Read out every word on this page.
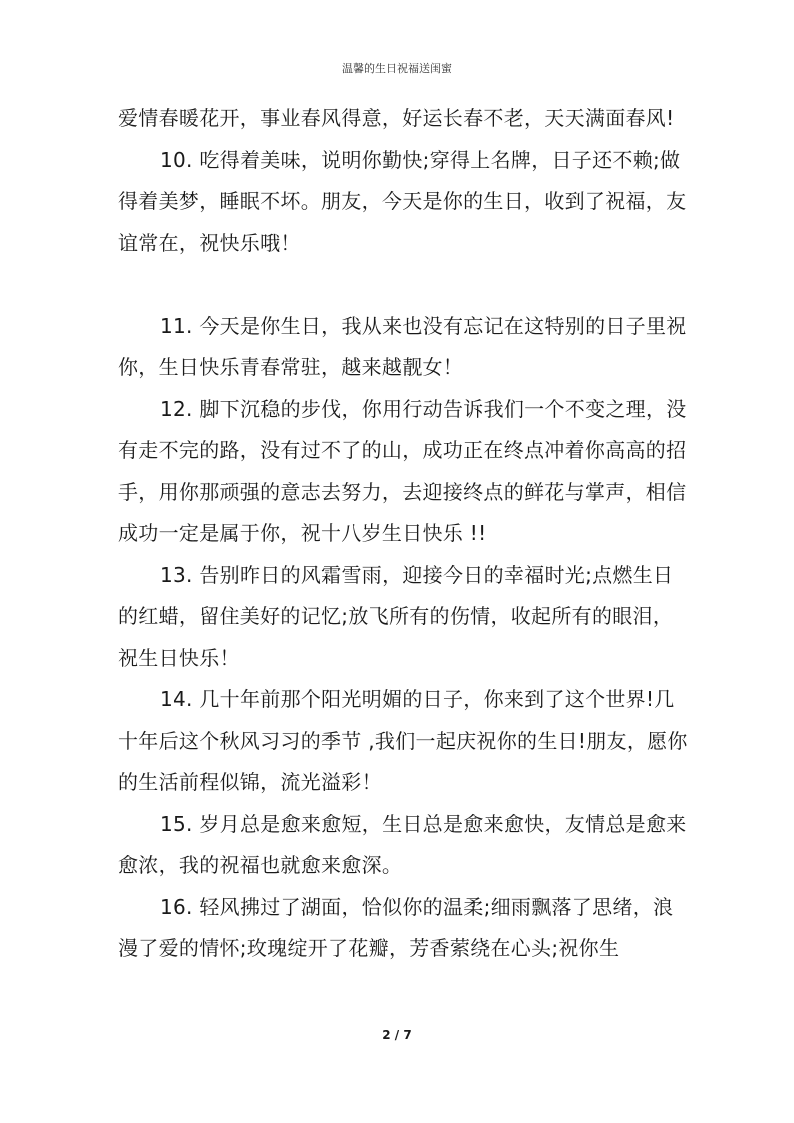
温馨的生日祝福送闺蜜

爱情春暖花开，事业春风得意，好运长春不老，天天满面春风!

10. 吃得着美味，说明你勤快;穿得上名牌，日子还不赖;做得着美梦，睡眠不坏。朋友，今天是你的生日，收到了祝福，友谊常在，祝快乐哦！

11. 今天是你生日，我从来也没有忘记在这特别的日子里祝你，生日快乐青春常驻，越来越靓女！

12. 脚下沉稳的步伐，你用行动告诉我们一个不变之理，没有走不完的路，没有过不了的山，成功正在终点冲着你高高的招手，用你那顽强的意志去努力，去迎接终点的鲜花与掌声，相信成功一定是属于你，祝十八岁生日快乐 !!

13. 告别昨日的风霜雪雨，迎接今日的幸福时光;点燃生日的红蜡，留住美好的记忆;放飞所有的伤情，收起所有的眼泪，祝生日快乐！

14. 几十年前那个阳光明媚的日子，你来到了这个世界!几十年后这个秋风习习的季节 ,我们一起庆祝你的生日!朋友，愿你的生活前程似锦，流光溢彩！

15. 岁月总是愈来愈短，生日总是愈来愈快，友情总是愈来愈浓，我的祝福也就愈来愈深。

16. 轻风拂过了湖面，恰似你的温柔;细雨飘落了思绪，浪漫了爱的情怀;玫瑰绽开了花瓣，芳香萦绕在心头;祝你生

2 / 7
